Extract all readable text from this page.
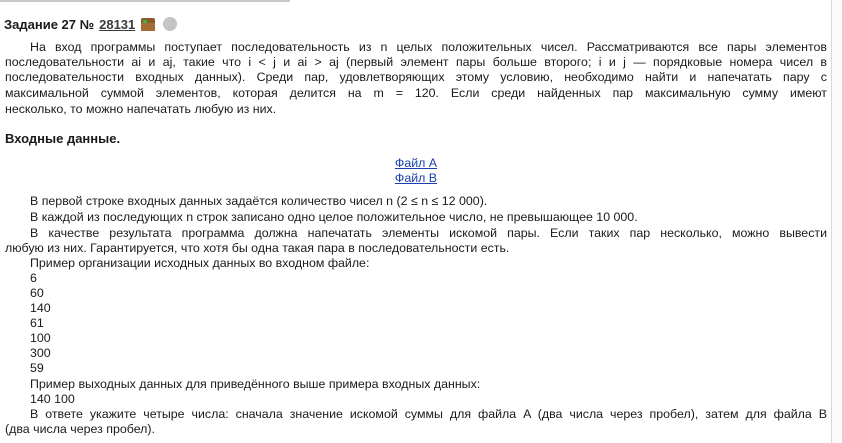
Задание 27 № 28131

На вход программы поступает последовательность из n целых положительных чисел. Рассматриваются все пары элементов

последовательности ai и aj, такие что i < j и ai > aj (первый элемент пары больше второго; i и j — порядковые номера чисел в

последовательности входных данных). Среди пар, удовлетворяющих этому условию, необходимо найти и напечатать пару с

максимальной суммой элементов, которая делится на m = 120. Если среди найденных пар максимальную сумму имеют

несколько, то можно напечатать любую из них.

Входные данные.

Файл A
Файл B

В первой строке входных данных задаётся количество чисел n (2 ≤ n ≤ 12 000).

В каждой из последующих n строк записано одно целое положительное число, не превышающее 10 000.

В качестве результата программа должна напечатать элементы искомой пары. Если таких пар несколько, можно вывести

любую из них. Гарантируется, что хотя бы одна такая пара в последовательности есть.

Пример организации исходных данных во входном файле:

6

60

140

61

100

300

59

Пример выходных данных для приведённого выше примера входных данных:

140 100

В ответе укажите четыре числа: сначала значение искомой суммы для файла A (два числа через пробел), затем для файла B

(два числа через пробел).
